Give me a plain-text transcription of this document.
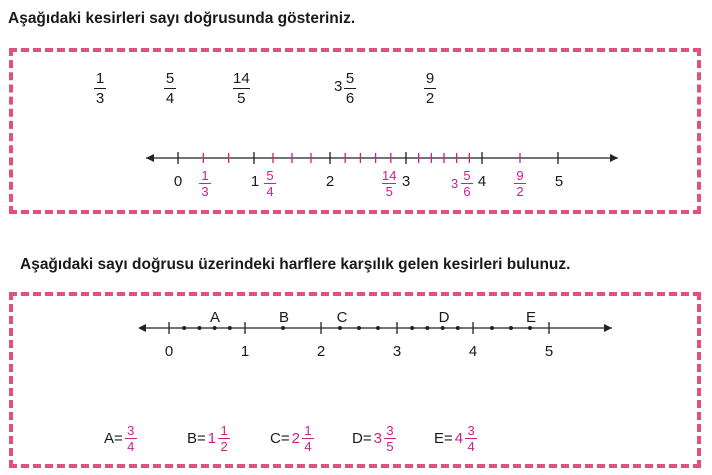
Aşağıdaki kesirleri sayı doğrusunda gösteriniz.
1
3
5
4
14
5
3 5
6
9
2
0	1	2	3	4	5
1
3
5
4
14
5
3
5
6
9
2
Aşağıdaki sayı doğrusu üzerindeki harflere karşılık gelen kesirleri bulunuz.
A	B	C	D	E
0	1	2	3	4	5
$A= \frac{3}{4}$	$B= 1 \frac{1}{2}$	$C= 2 \frac{1}{4}$	$D= 3 \frac{3}{5}$	$E= 4 \frac{3}{4}$
